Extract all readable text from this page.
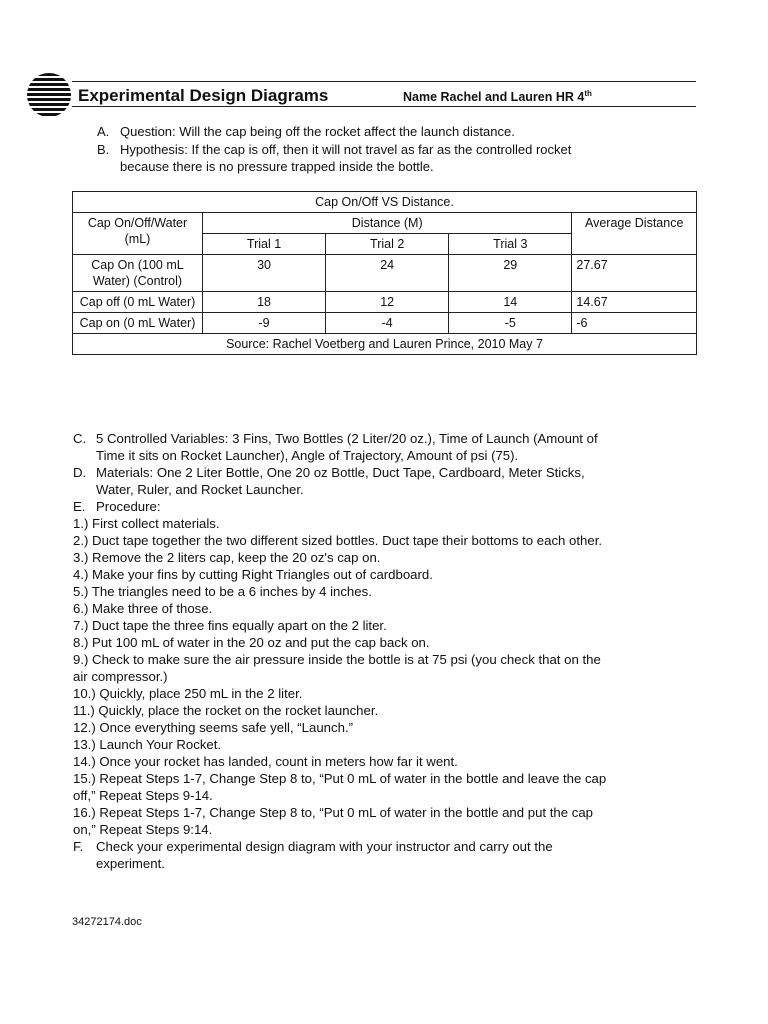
Experimental Design Diagrams	Name Rachel and Lauren HR 4th
A. Question: Will the cap being off the rocket affect the launch distance.
B. Hypothesis: If the cap is off, then it will not travel as far as the controlled rocket
because there is no pressure trapped inside the bottle.
Cap On/Off VS Distance.				
Cap On/Off/Water (mL)	Distance (M)			Average Distance
	Trial 1	Trial 2	Trial 3	
Cap On (100 mL Water) (Control)	30	24	29	27.67
Cap off (0 mL Water)	18	12	14	14.67
Cap on (0 mL Water)	-9	-4	-5	-6
Source: Rachel Voetberg and Lauren Prince, 2010 May 7				
C. 5 Controlled Variables: 3 Fins, Two Bottles (2 Liter/20 oz.), Time of Launch (Amount of
Time it sits on Rocket Launcher), Angle of Trajectory, Amount of psi (75).
D. Materials: One 2 Liter Bottle, One 20 oz Bottle, Duct Tape, Cardboard, Meter Sticks,
Water, Ruler, and Rocket Launcher.
E. Procedure:
1.) First collect materials.
2.) Duct tape together the two different sized bottles. Duct tape their bottoms to each other.
3.) Remove the 2 liters cap, keep the 20 oz's cap on.
4.) Make your fins by cutting Right Triangles out of cardboard.
5.) The triangles need to be a 6 inches by 4 inches.
6.) Make three of those.
7.) Duct tape the three fins equally apart on the 2 liter.
8.) Put 100 mL of water in the 20 oz and put the cap back on.
9.) Check to make sure the air pressure inside the bottle is at 75 psi (you check that on the
air compressor.)
10.) Quickly, place 250 mL in the 2 liter.
11.) Quickly, place the rocket on the rocket launcher.
12.) Once everything seems safe yell, “Launch.”
13.) Launch Your Rocket.
14.) Once your rocket has landed, count in meters how far it went.
15.) Repeat Steps 1-7, Change Step 8 to, “Put 0 mL of water in the bottle and leave the cap
off,” Repeat Steps 9-14.
16.) Repeat Steps 1-7, Change Step 8 to, “Put 0 mL of water in the bottle and put the cap
on,” Repeat Steps 9:14.
F. Check your experimental design diagram with your instructor and carry out the
experiment.
34272174.doc
